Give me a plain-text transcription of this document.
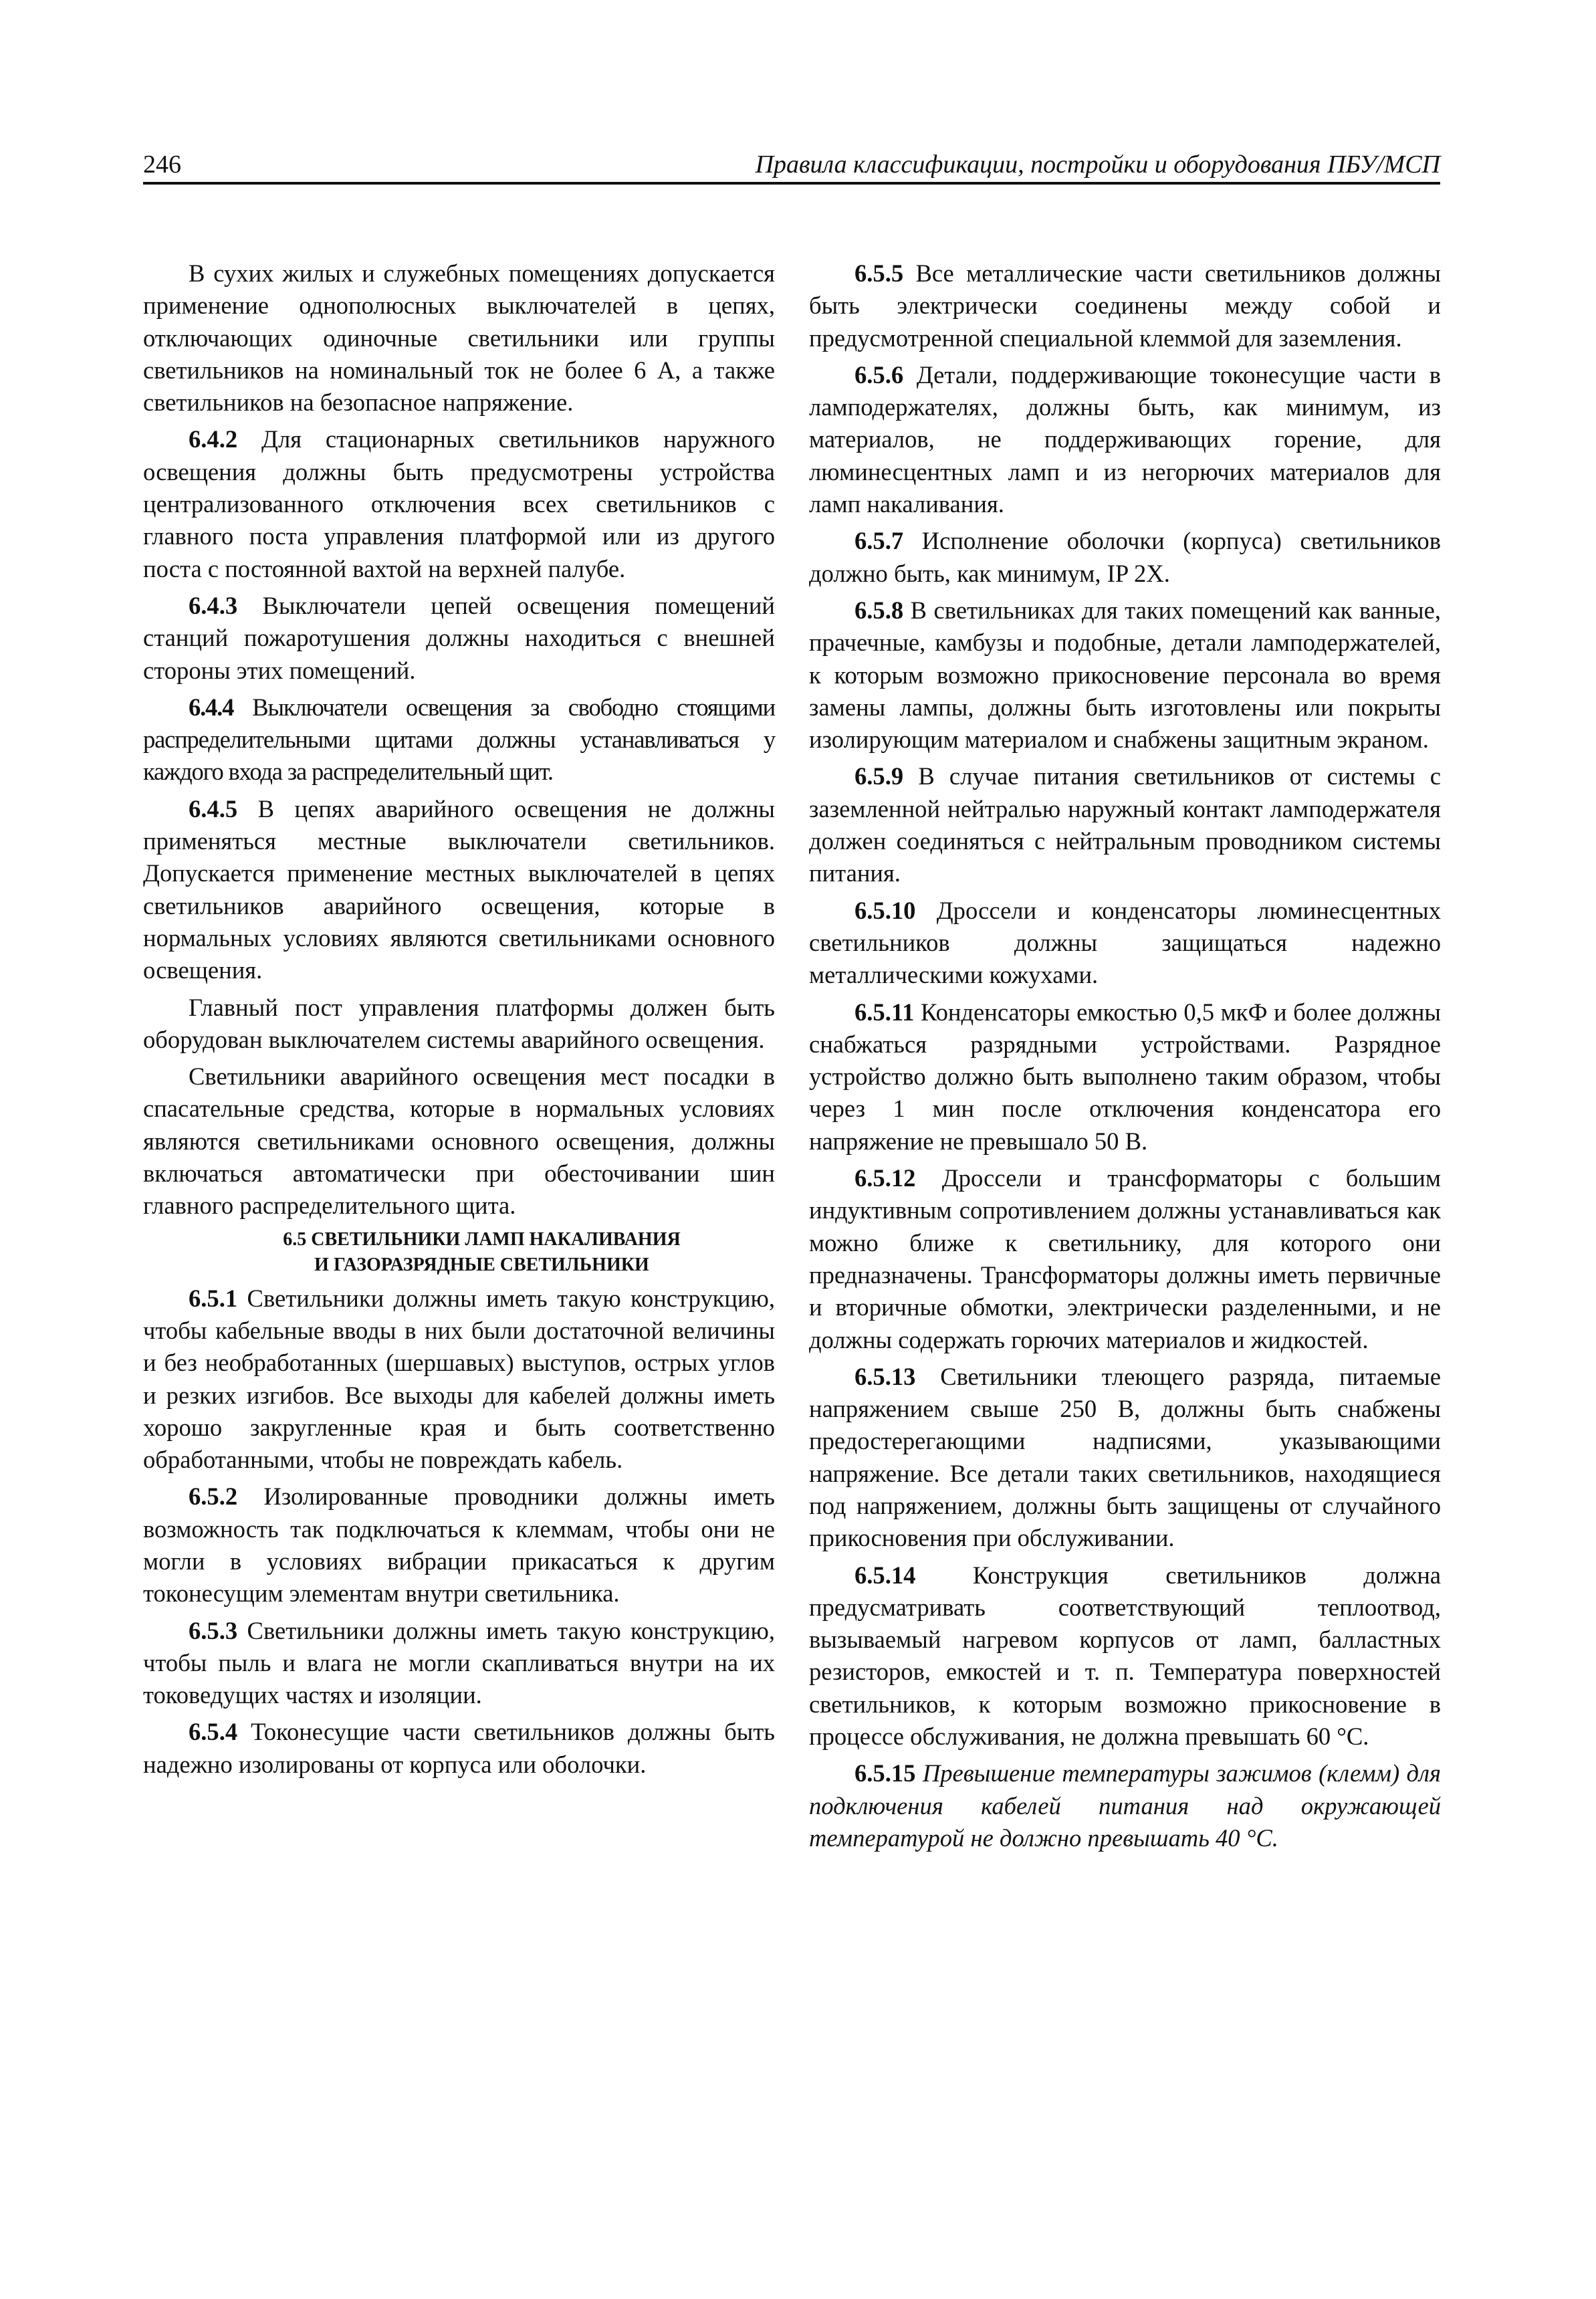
246	Правила классификации, постройки и оборудования ПБУ/МСП

В сухих жилых и служебных помещениях допускается применение однополюсных выключателей в цепях, отключающих одиночные светильники или группы светильников на номинальный ток не более 6 А, а также светильников на безопасное напряжение.

6.4.2 Для стационарных светильников наружного освещения должны быть предусмотрены устройства централизованного отключения всех светильников с главного поста управления платформой или из другого поста с постоянной вахтой на верхней палубе.

6.4.3 Выключатели цепей освещения помещений станций пожаротушения должны находиться с внешней стороны этих помещений.

6.4.4 Выключатели освещения за свободно стоящими распределительными щитами должны устанавливаться у каждого входа за распределительный щит.

6.4.5 В цепях аварийного освещения не должны применяться местные выключатели светильников. Допускается применение местных выключателей в цепях светильников аварийного освещения, которые в нормальных условиях являются светильниками основного освещения.

Главный пост управления платформы должен быть оборудован выключателем системы аварийного освещения.

Светильники аварийного освещения мест посадки в спасательные средства, которые в нормальных условиях являются светильниками основного освещения, должны включаться автоматически при обесточивании шин главного распределительного щита.

6.5 СВЕТИЛЬНИКИ ЛАМП НАКАЛИВАНИЯ
И ГАЗОРАЗРЯДНЫЕ СВЕТИЛЬНИКИ

6.5.1 Светильники должны иметь такую конструкцию, чтобы кабельные вводы в них были достаточной величины и без необработанных (шершавых) выступов, острых углов и резких изгибов. Все выходы для кабелей должны иметь хорошо закругленные края и быть соответственно обработанными, чтобы не повреждать кабель.

6.5.2 Изолированные проводники должны иметь возможность так подключаться к клеммам, чтобы они не могли в условиях вибрации прикасаться к другим токонесущим элементам внутри светильника.

6.5.3 Светильники должны иметь такую конструкцию, чтобы пыль и влага не могли скапливаться внутри на их токоведущих частях и изоляции.

6.5.4 Токонесущие части светильников должны быть надежно изолированы от корпуса или оболочки.

6.5.5 Все металлические части светильников должны быть электрически соединены между собой и предусмотренной специальной клеммой для заземления.

6.5.6 Детали, поддерживающие токонесущие части в ламподержателях, должны быть, как минимум, из материалов, не поддерживающих горение, для люминесцентных ламп и из негорючих материалов для ламп накаливания.

6.5.7 Исполнение оболочки (корпуса) светильников должно быть, как минимум, IP 2X.

6.5.8 В светильниках для таких помещений как ванные, прачечные, камбузы и подобные, детали ламподержателей, к которым возможно прикосновение персонала во время замены лампы, должны быть изготовлены или покрыты изолирующим материалом и снабжены защитным экраном.

6.5.9 В случае питания светильников от системы с заземленной нейтралью наружный контакт ламподержателя должен соединяться с нейтральным проводником системы питания.

6.5.10 Дроссели и конденсаторы люминесцентных светильников должны защищаться надежно металлическими кожухами.

6.5.11 Конденсаторы емкостью 0,5 мкФ и более должны снабжаться разрядными устройствами. Разрядное устройство должно быть выполнено таким образом, чтобы через 1 мин после отключения конденсатора его напряжение не превышало 50 В.

6.5.12 Дроссели и трансформаторы с большим индуктивным сопротивлением должны устанавливаться как можно ближе к светильнику, для которого они предназначены. Трансформаторы должны иметь первичные и вторичные обмотки, электрически разделенными, и не должны содержать горючих материалов и жидкостей.

6.5.13 Светильники тлеющего разряда, питаемые напряжением свыше 250 В, должны быть снабжены предостерегающими надписями, указывающими напряжение. Все детали таких светильников, находящиеся под напряжением, должны быть защищены от случайного прикосновения при обслуживании.

6.5.14 Конструкция светильников должна предусматривать соответствующий теплоотвод, вызываемый нагревом корпусов от ламп, балластных резисторов, емкостей и т. п. Температура поверхностей светильников, к которым возможно прикосновение в процессе обслуживания, не должна превышать 60 °С.

6.5.15 Превышение температуры зажимов (клемм) для подключения кабелей питания над окружающей температурой не должно превышать 40 °С.
